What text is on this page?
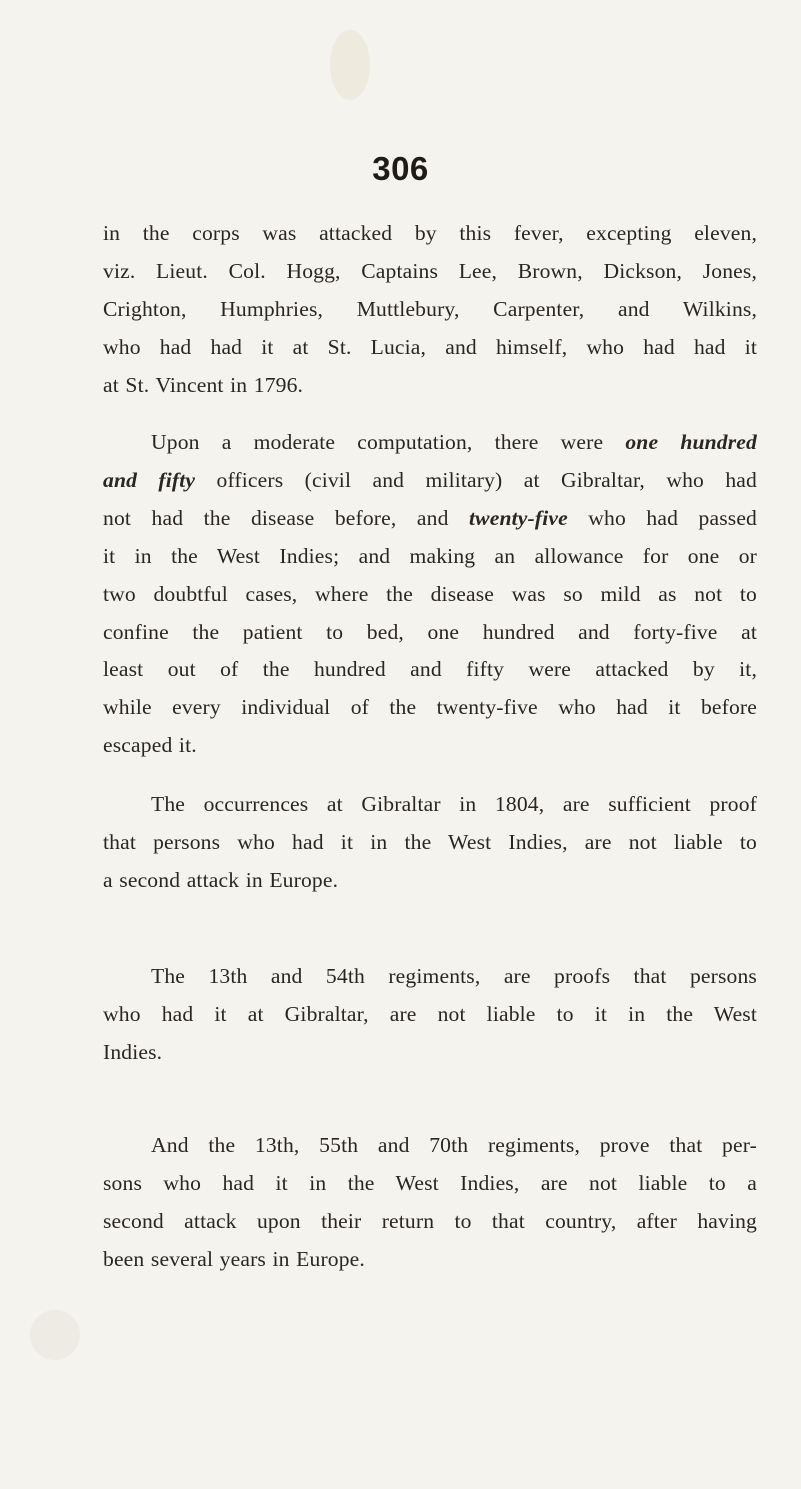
306
in the corps was attacked by this fever, excepting eleven,
viz. Lieut. Col. Hogg, Captains Lee, Brown, Dickson, Jones,
Crighton, Humphries, Muttlebury, Carpenter, and Wilkins,
who had had it at St. Lucia, and himself, who had had it
at St. Vincent in 1796.
Upon a moderate computation, there were one hundred
and fifty officers (civil and military) at Gibraltar, who had
not had the disease before, and twenty-five who had passed
it in the West Indies; and making an allowance for one or
two doubtful cases, where the disease was so mild as not to
confine the patient to bed, one hundred and forty-five at
least out of the hundred and fifty were attacked by it,
while every individual of the twenty-five who had it before
escaped it.
The occurrences at Gibraltar in 1804, are sufficient proof
that persons who had it in the West Indies, are not liable to
a second attack in Europe.
The 13th and 54th regiments, are proofs that persons
who had it at Gibraltar, are not liable to it in the West
Indies.
And the 13th, 55th and 70th regiments, prove that per-
sons who had it in the West Indies, are not liable to a
second attack upon their return to that country, after having
been several years in Europe.
